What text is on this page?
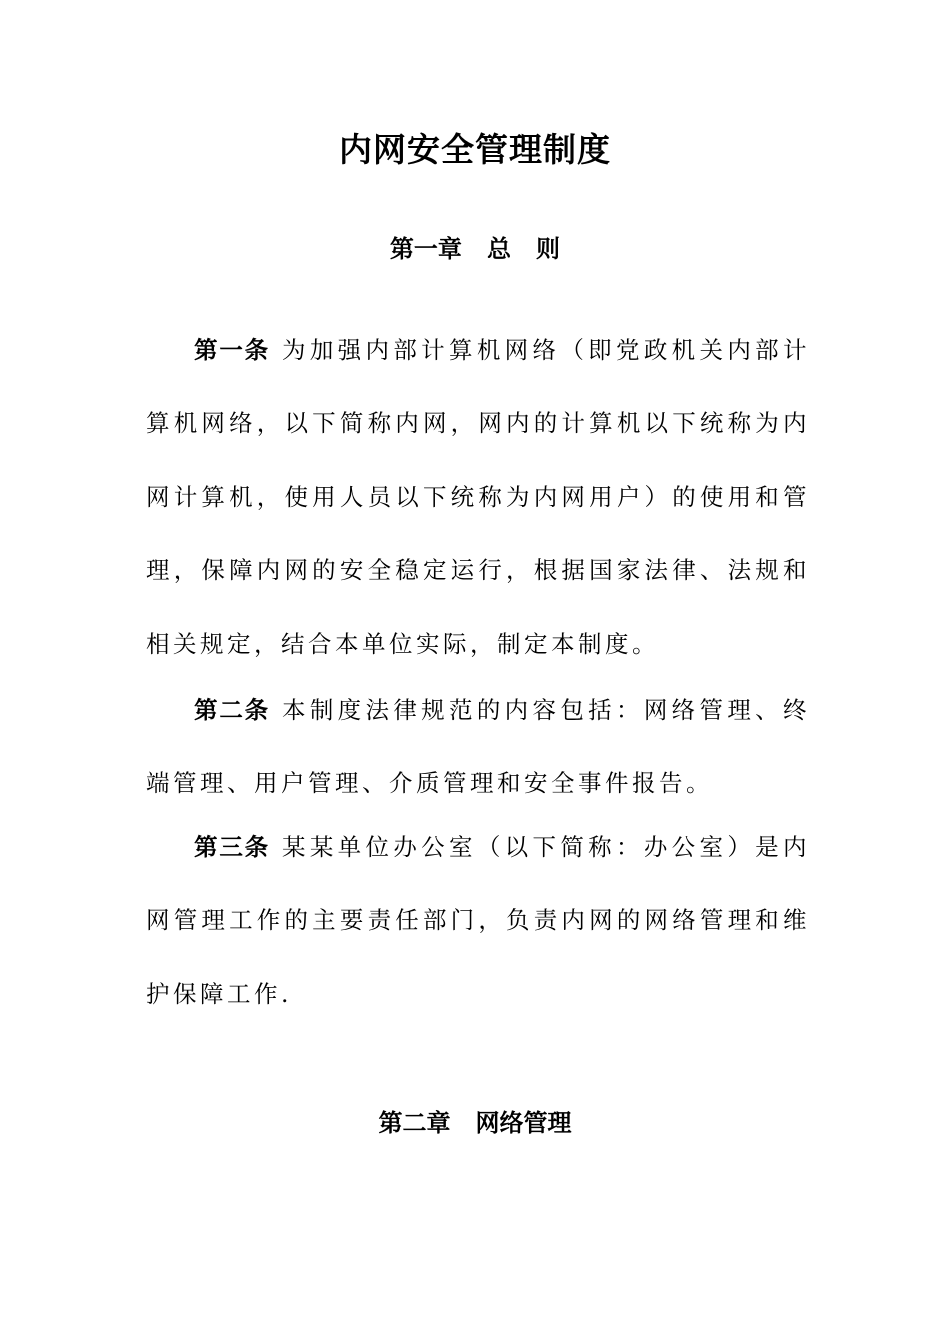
内网安全管理制度
第一章   总   则

第一条 为加强内部计算机网络（即党政机关内部计算机网络，以下简称内网，网内的计算机以下统称为内网计算机，使用人员以下统称为内网用户）的使用和管理，保障内网的安全稳定运行，根据国家法律、法规和相关规定，结合本单位实际，制定本制度。

第二条 本制度法律规范的内容包括：网络管理、终端管理、用户管理、介质管理和安全事件报告。

第三条 某某单位办公室（以下简称：办公室）是内网管理工作的主要责任部门，负责内网的网络管理和维护保障工作.

第二章   网络管理
